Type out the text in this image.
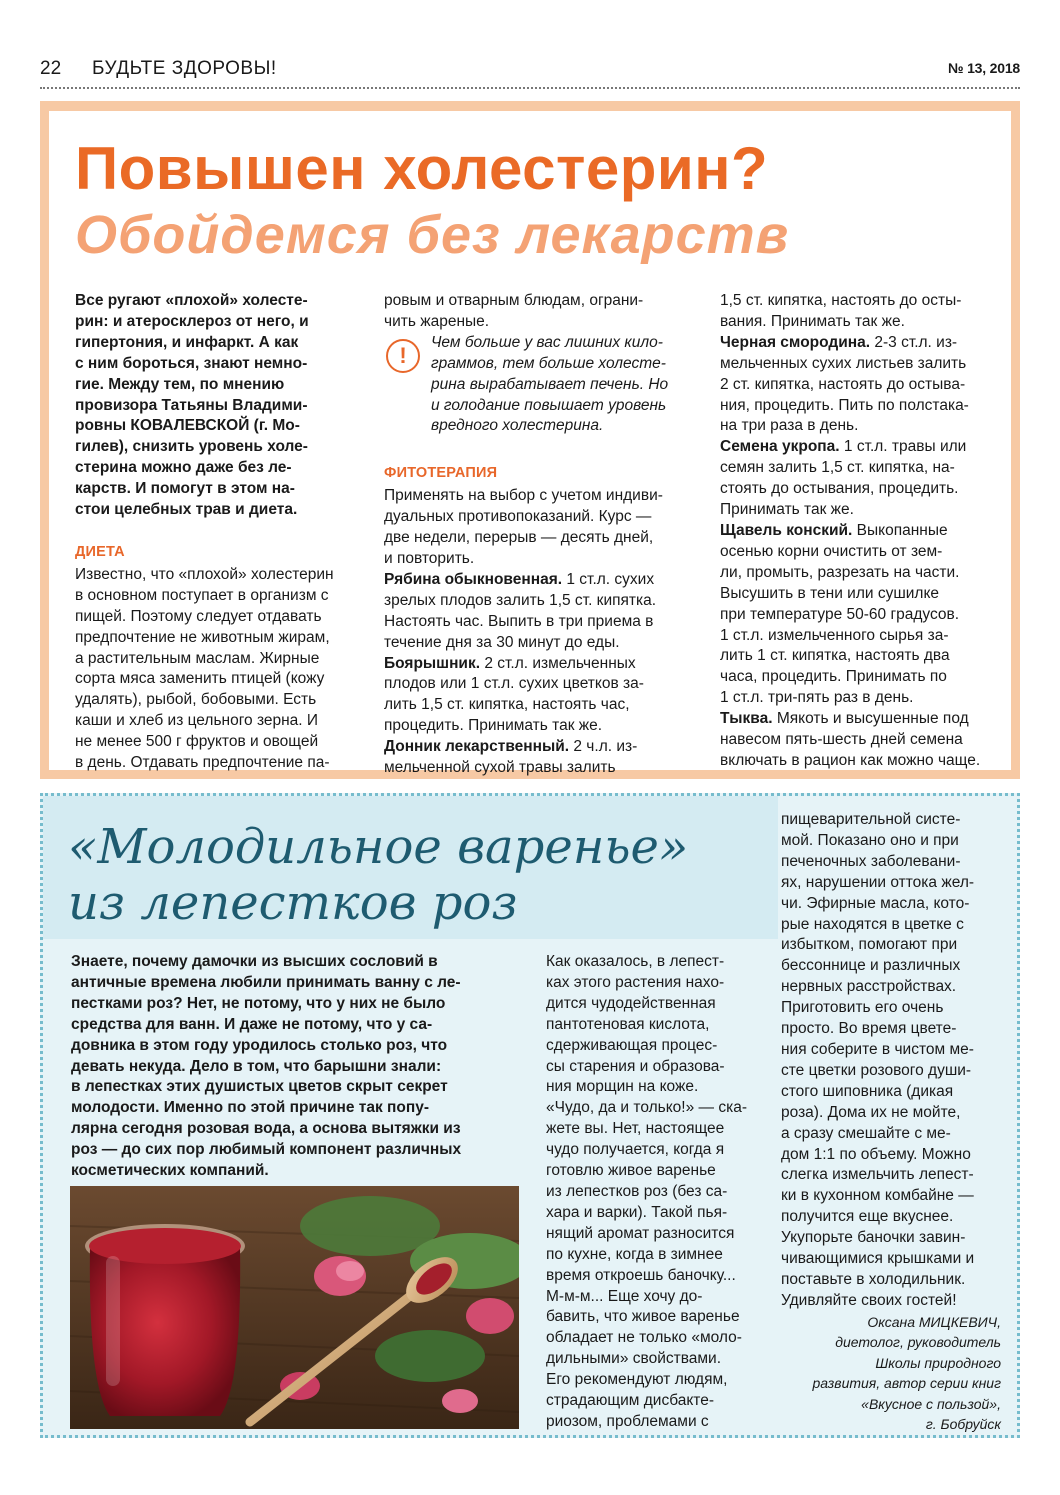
22 БУДЬТЕ ЗДОРОВЫ!	№ 13, 2018
Повышен холестерин?
Обойдемся без лекарств

Все ругают «плохой» холесте-
рин: и атеросклероз от него, и
гипертония, и инфаркт. А как
с ним бороться, знают немно-
гие. Между тем, по мнению
провизора Татьяны Владими-
ровны КОВАЛЕВСКОЙ (г. Мо-
гилев), снизить уровень холе-
стерина можно даже без ле-
карств. И помогут в этом на-
стои целебных трав и диета.

ДИЕТА

Известно, что «плохой» холестерин
в основном поступает в организм с
пищей. Поэтому следует отдавать
предпочтение не животным жирам,
а растительным маслам. Жирные
сорта мяса заменить птицей (кожу
удалять), рыбой, бобовыми. Есть
каши и хлеб из цельного зерна. И
не менее 500 г фруктов и овощей
в день. Отдавать предпочтение па-

ровым и отварным блюдам, ограни-
чить жареные.

!
Чем больше у вас лишних кило-
граммов, тем больше холесте-
рина вырабатывает печень. Но
и голодание повышает уровень
вредного холестерина.
ФИТОТЕРАПИЯ

Применять на выбор с учетом индиви-
дуальных противопоказаний. Курс —
две недели, перерыв — десять дней,
и повторить.

Рябина обыкновенная. 1 ст.л. сухих
зрелых плодов залить 1,5 ст. кипятка.
Настоять час. Выпить в три приема в
течение дня за 30 минут до еды.

Боярышник. 2 ст.л. измельченных
плодов или 1 ст.л. сухих цветков за-
лить 1,5 ст. кипятка, настоять час,
процедить. Принимать так же.

Донник лекарственный. 2 ч.л. из-
мельченной сухой травы залить

1,5 ст. кипятка, настоять до осты-
вания. Принимать так же.

Черная смородина. 2-3 ст.л. из-
мельченных сухих листьев залить
2 ст. кипятка, настоять до остыва-
ния, процедить. Пить по полстака-
на три раза в день.

Семена укропа. 1 ст.л. травы или
семян залить 1,5 ст. кипятка, на-
стоять до остывания, процедить.
Принимать так же.

Щавель конский. Выкопанные
осенью корни очистить от зем-
ли, промыть, разрезать на части.
Высушить в тени или сушилке
при температуре 50-60 градусов.
1 ст.л. измельченного сырья за-
лить 1 ст. кипятка, настоять два
часа, процедить. Принимать по
1 ст.л. три-пять раз в день.

Тыква. Мякоть и высушенные под
навесом пять-шесть дней семена
включать в рацион как можно чаще.

«Молодильное варенье»
из лепестков роз
Знаете, почему дамочки из высших сословий в
античные времена любили принимать ванну с ле-
пестками роз? Нет, не потому, что у них не было
средства для ванн. И даже не потому, что у са-
довника в этом году уродилось столько роз, что
девать некуда. Дело в том, что барышни знали:
в лепестках этих душистых цветов скрыт секрет
молодости. Именно по этой причине так попу-
лярна сегодня розовая вода, а основа вытяжки из
роз — до сих пор любимый компонент различных
косметических компаний.
Как оказалось, в лепест-
ках этого растения нахо-
дится чудодейственная
пантотеновая кислота,
сдерживающая процес-
сы старения и образова-
ния морщин на коже.
«Чудо, да и только!» — ска-
жете вы. Нет, настоящее
чудо получается, когда я
готовлю живое варенье
из лепестков роз (без са-
хара и варки). Такой пья-
нящий аромат разносится
по кухне, когда в зимнее
время откроешь баночку...
М-м-м... Еще хочу до-
бавить, что живое варенье
обладает не только «моло-
дильными» свойствами.
Его рекомендуют людям,
страдающим дисбакте-
риозом, проблемами с

пищеварительной систе-
мой. Показано оно и при
печеночных заболевани-
ях, нарушении оттока жел-
чи. Эфирные масла, кото-
рые находятся в цветке с
избытком, помогают при
бессоннице и различных
нервных расстройствах.
Приготовить его очень
просто. Во время цвете-
ния соберите в чистом ме-
сте цветки розового души-
стого шиповника (дикая
роза). Дома их не мойте,
а сразу смешайте с ме-
дом 1:1 по объему. Можно
слегка измельчить лепест-
ки в кухонном комбайне —
получится еще вкуснее.
Укупорьте баночки завин-
чивающимися крышками и
поставьте в холодильник.
Удивляйте своих гостей!

Оксана МИЦКЕВИЧ,
диетолог, руководитель
Школы природного
развития, автор серии книг
«Вкусное с пользой»,
г. Бобруйск
